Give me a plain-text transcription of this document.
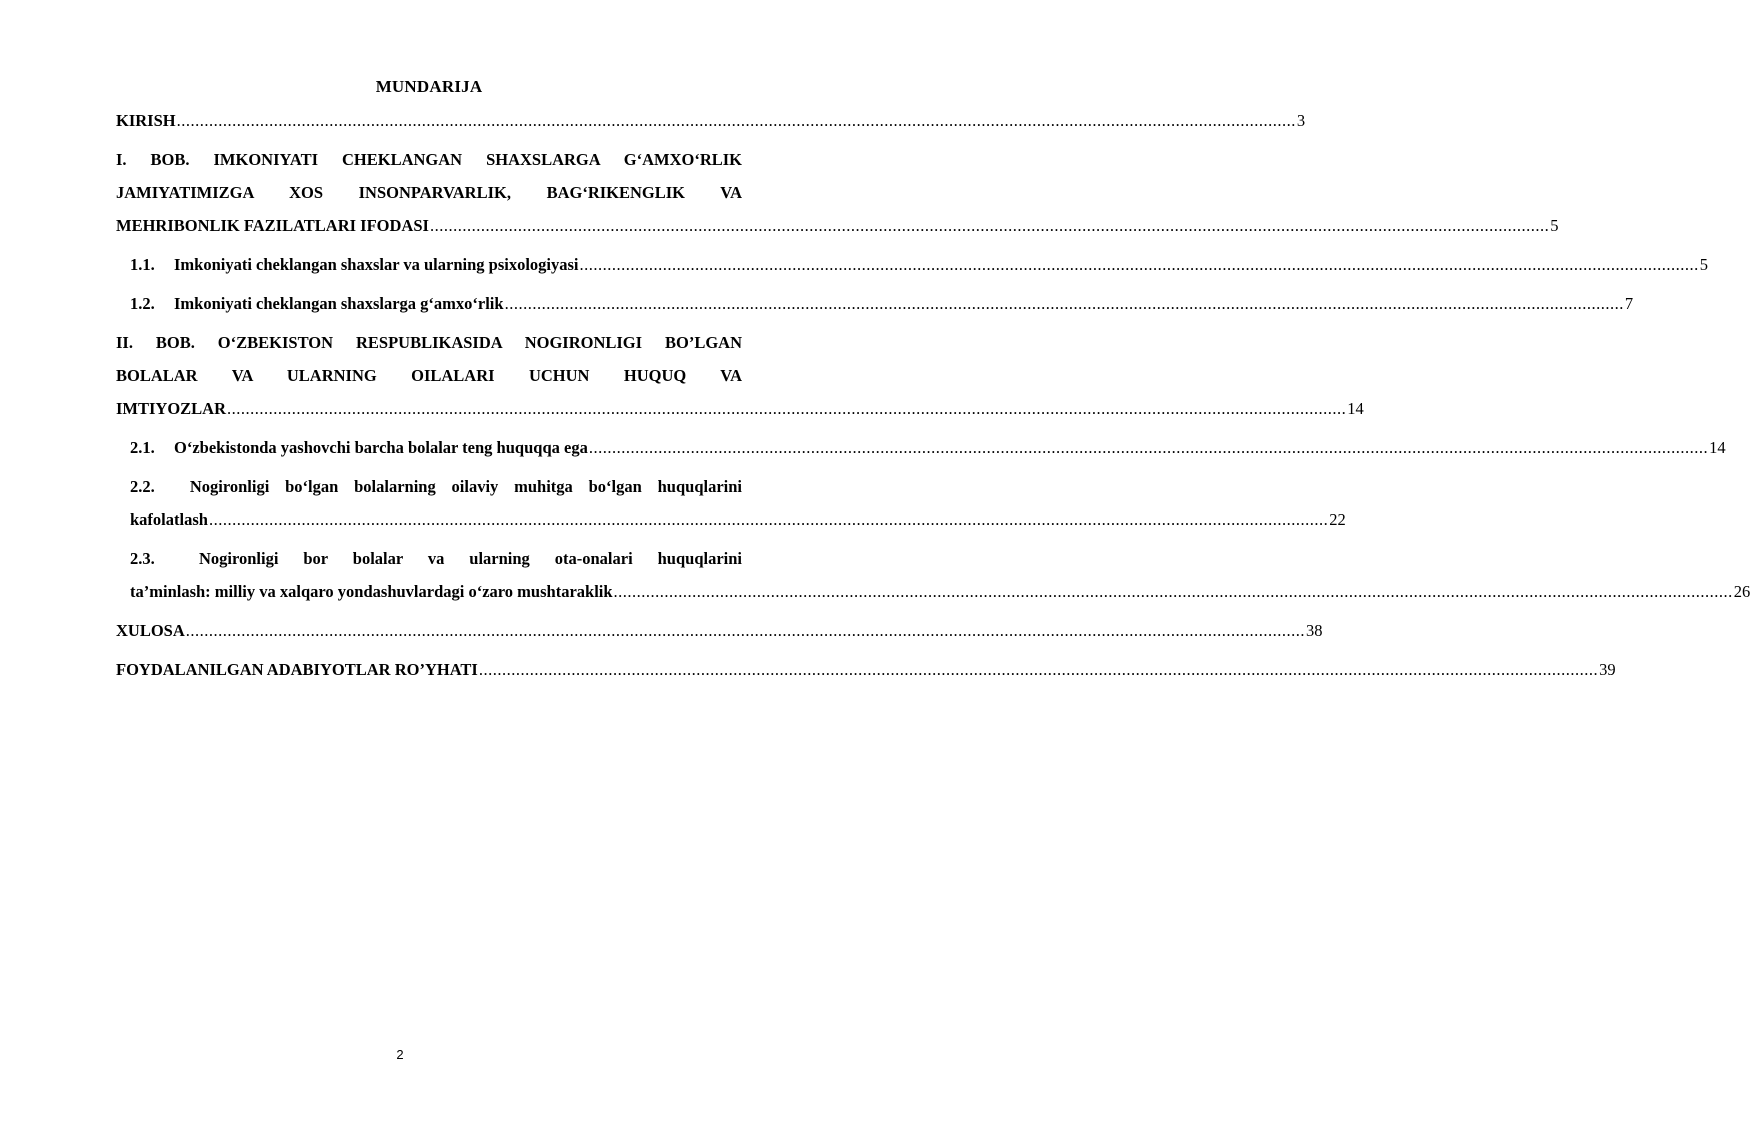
MUNDARIJA
KIRISH .....	3
I. BOB. IMKONIYATI CHEKLANGAN SHAXSLARGA G‘AMXO‘RLIK
JAMIYATIMIZGA XOS INSONPARVARLIK, BAG‘RIKENGLIK VA
MEHRIBONLIK FAZILATLARI IFODASI .....	5
1.1. Imkoniyati cheklangan shaxslar va ularning psixologiyasi .....	5
1.2. Imkoniyati cheklangan shaxslarga g‘amxo‘rlik .....	7
II. BOB. O‘ZBEKISTON RESPUBLIKASIDA NOGIRONLIGI BO’LGAN
BOLALAR VA ULARNING OILALARI UCHUN HUQUQ VA
IMTIYOZLAR .....	14
2.1. O‘zbekistonda yashovchi barcha bolalar teng huquqqa ega .....	14
2.2. Nogironligi bo‘lgan bolalarning oilaviy muhitga bo‘lgan huquqlarini
kafolatlash .....	22
2.3.	Nogironligi bor bolalar va ularning ota-onalari huquqlarini
ta’minlash: milliy va xalqaro yondashuvlardagi o‘zaro mushtaraklik .....	26
XULOSA .....	38
FOYDALANILGAN ADABIYOTLAR RO’YHATI .....	39
2
